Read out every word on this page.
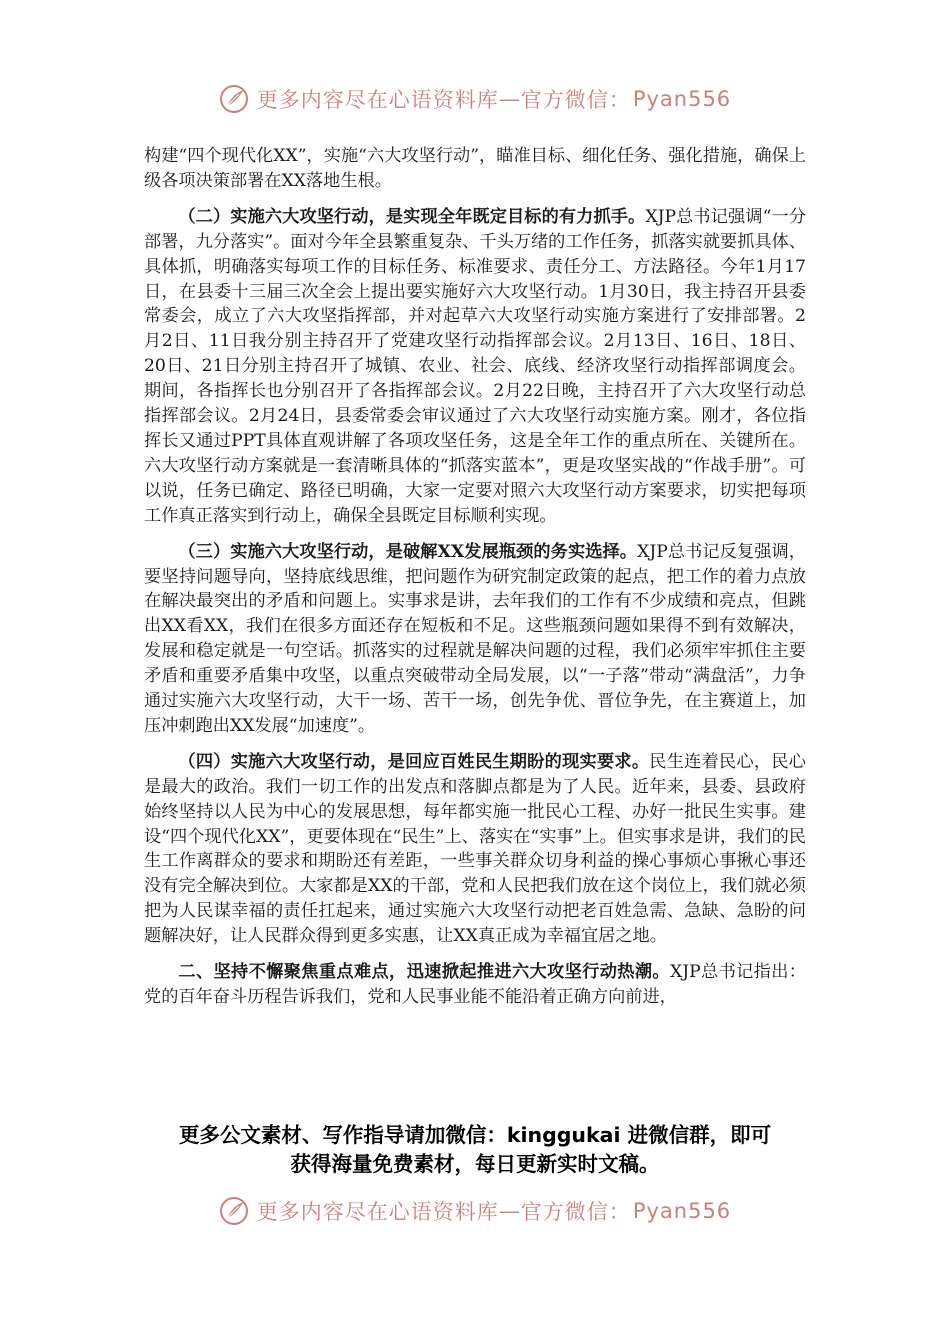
更多内容尽在心语资料库 — 官方微信： Pyan556

构建“四个现代化XX”，实施“六大攻坚行动”，瞄准目标、细化任务、强化措施，确保上级各项决策部署在XX落地生根。

（二）实施六大攻坚行动，是实现全年既定目标的有力抓手。XJP总书记强调“一分部署，九分落实”。面对今年全县繁重复杂、千头万绪的工作任务，抓落实就要抓具体、具体抓，明确落实每项工作的目标任务、标准要求、责任分工、方法路径。今年1月17日，在县委十三届三次全会上提出要实施好六大攻坚行动。1月30日，我主持召开县委常委会，成立了六大攻坚指挥部，并对起草六大攻坚行动实施方案进行了安排部署。2月2日、11日我分别主持召开了党建攻坚行动指挥部会议。2月13日、16日、18日、20日、21日分别主持召开了城镇、农业、社会、底线、经济攻坚行动指挥部调度会。期间，各指挥长也分别召开了各指挥部会议。2月22日晚，主持召开了六大攻坚行动总指挥部会议。2月24日，县委常委会审议通过了六大攻坚行动实施方案。刚才，各位指挥长又通过PPT具体直观讲解了各项攻坚任务，这是全年工作的重点所在、关键所在。六大攻坚行动方案就是一套清晰具体的“抓落实蓝本”，更是攻坚实战的“作战手册”。可以说，任务已确定、路径已明确，大家一定要对照六大攻坚行动方案要求，切实把每项工作真正落实到行动上，确保全县既定目标顺利实现。

（三）实施六大攻坚行动，是破解XX发展瓶颈的务实选择。XJP总书记反复强调，要坚持问题导向，坚持底线思维，把问题作为研究制定政策的起点，把工作的着力点放在解决最突出的矛盾和问题上。实事求是讲，去年我们的工作有不少成绩和亮点，但跳出XX看XX，我们在很多方面还存在短板和不足。这些瓶颈问题如果得不到有效解决，发展和稳定就是一句空话。抓落实的过程就是解决问题的过程，我们必须牢牢抓住主要矛盾和重要矛盾集中攻坚，以重点突破带动全局发展，以“一子落”带动“满盘活”，力争通过实施六大攻坚行动，大干一场、苦干一场，创先争优、晋位争先，在主赛道上，加压冲刺跑出XX发展“加速度”。

（四）实施六大攻坚行动，是回应百姓民生期盼的现实要求。民生连着民心，民心是最大的政治。我们一切工作的出发点和落脚点都是为了人民。近年来，县委、县政府始终坚持以人民为中心的发展思想，每年都实施一批民心工程、办好一批民生实事。建设“四个现代化XX”，更要体现在“民生”上、落实在“实事”上。但实事求是讲，我们的民生工作离群众的要求和期盼还有差距，一些事关群众切身利益的操心事烦心事揪心事还没有完全解决到位。大家都是XX的干部，党和人民把我们放在这个岗位上，我们就必须把为人民谋幸福的责任扛起来，通过实施六大攻坚行动把老百姓急需、急缺、急盼的问题解决好，让人民群众得到更多实惠，让XX真正成为幸福宜居之地。

二、坚持不懈聚焦重点难点，迅速掀起推进六大攻坚行动热潮。XJP总书记指出：党的百年奋斗历程告诉我们，党和人民事业能不能沿着正确方向前进，

更多公文素材、写作指导请加微信：kinggukai 进微信群，即可
获得海量免费素材，每日更新实时文稿。
更多内容尽在心语资料库 — 官方微信： Pyan556
